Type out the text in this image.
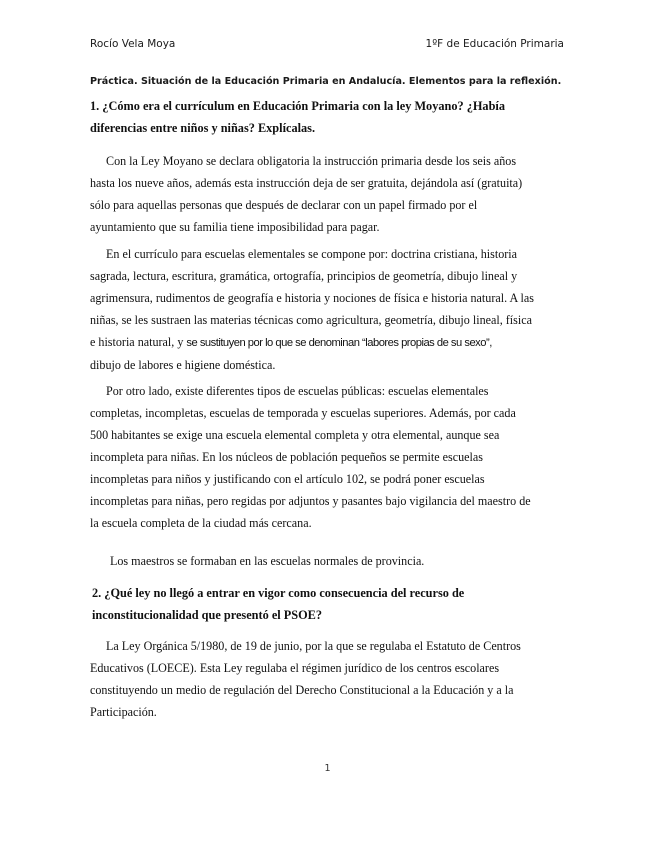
Rocío Vela Moya	1ºF de Educación Primaria
Práctica. Situación de la Educación Primaria en Andalucía. Elementos para la reflexión.
1. ¿Cómo era el currículum en Educación Primaria con la ley Moyano? ¿Había
diferencias entre niños y niñas? Explícalas.
Con la Ley Moyano se declara obligatoria la instrucción primaria desde los seis años
hasta los nueve años, además esta instrucción deja de ser gratuita, dejándola así (gratuita)
sólo para aquellas personas que después de declarar con un papel firmado por el
ayuntamiento que su familia tiene imposibilidad para pagar.
En el currículo para escuelas elementales se compone por: doctrina cristiana, historia
sagrada, lectura, escritura, gramática, ortografía, principios de geometría, dibujo lineal y
agrimensura, rudimentos de geografía e historia y nociones de física e historia natural. A las
niñas, se les sustraen las materias técnicas como agricultura, geometría, dibujo lineal, física
e historia natural, y se sustituyen por lo que se denominan “labores propias de su sexo”,
dibujo de labores e higiene doméstica.
Por otro lado, existe diferentes tipos de escuelas públicas: escuelas elementales
completas, incompletas, escuelas de temporada y escuelas superiores. Además, por cada
500 habitantes se exige una escuela elemental completa y otra elemental, aunque sea
incompleta para niñas. En los núcleos de población pequeños se permite escuelas
incompletas para niños y justificando con el artículo 102, se podrá poner escuelas
incompletas para niñas, pero regidas por adjuntos y pasantes bajo vigilancia del maestro de
la escuela completa de la ciudad más cercana.
Los maestros se formaban en las escuelas normales de provincia.
2. ¿Qué ley no llegó a entrar en vigor como consecuencia del recurso de
inconstitucionalidad que presentó el PSOE?
La Ley Orgánica 5/1980, de 19 de junio, por la que se regulaba el Estatuto de Centros
Educativos (LOECE). Esta Ley regulaba el régimen jurídico de los centros escolares
constituyendo un medio de regulación del Derecho Constitucional a la Educación y a la
Participación.
1
